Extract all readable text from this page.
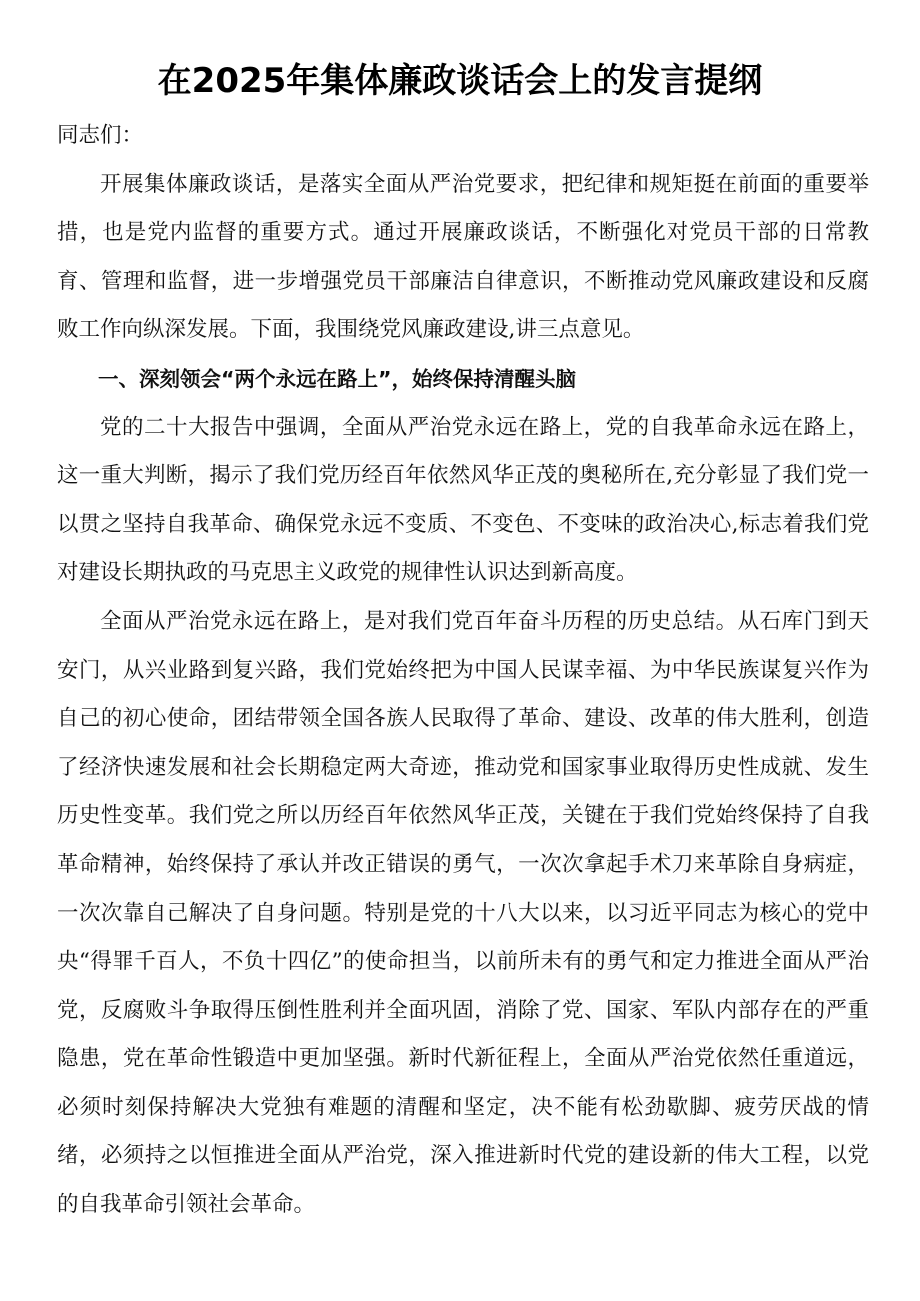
在2025年集体廉政谈话会上的发言提纲

同志们：

开展集体廉政谈话，是落实全面从严治党要求，把纪律和规矩挺在前面的重要举措，也是党内监督的重要方式。通过开展廉政谈话，不断强化对党员干部的日常教育、管理和监督，进一步增强党员干部廉洁自律意识，不断推动党风廉政建设和反腐败工作向纵深发展。下面，我围绕党风廉政建设,讲三点意见。

一、深刻领会“两个永远在路上”，始终保持清醒头脑

党的二十大报告中强调，全面从严治党永远在路上，党的自我革命永远在路上，这一重大判断，揭示了我们党历经百年依然风华正茂的奥秘所在,充分彰显了我们党一以贯之坚持自我革命、确保党永远不变质、不变色、不变味的政治决心,标志着我们党对建设长期执政的马克思主义政党的规律性认识达到新高度。

全面从严治党永远在路上，是对我们党百年奋斗历程的历史总结。从石库门到天安门，从兴业路到复兴路，我们党始终把为中国人民谋幸福、为中华民族谋复兴作为自己的初心使命，团结带领全国各族人民取得了革命、建设、改革的伟大胜利，创造了经济快速发展和社会长期稳定两大奇迹，推动党和国家事业取得历史性成就、发生历史性变革。我们党之所以历经百年依然风华正茂，关键在于我们党始终保持了自我革命精神，始终保持了承认并改正错误的勇气，一次次拿起手术刀来革除自身病症，一次次靠自己解决了自身问题。特别是党的十八大以来，以习近平同志为核心的党中央“得罪千百人，不负十四亿”的使命担当，以前所未有的勇气和定力推进全面从严治党，反腐败斗争取得压倒性胜利并全面巩固，消除了党、国家、军队内部存在的严重隐患，党在革命性锻造中更加坚强。新时代新征程上，全面从严治党依然任重道远，必须时刻保持解决大党独有难题的清醒和坚定，决不能有松劲歇脚、疲劳厌战的情绪，必须持之以恒推进全面从严治党，深入推进新时代党的建设新的伟大工程，以党的自我革命引领社会革命。
